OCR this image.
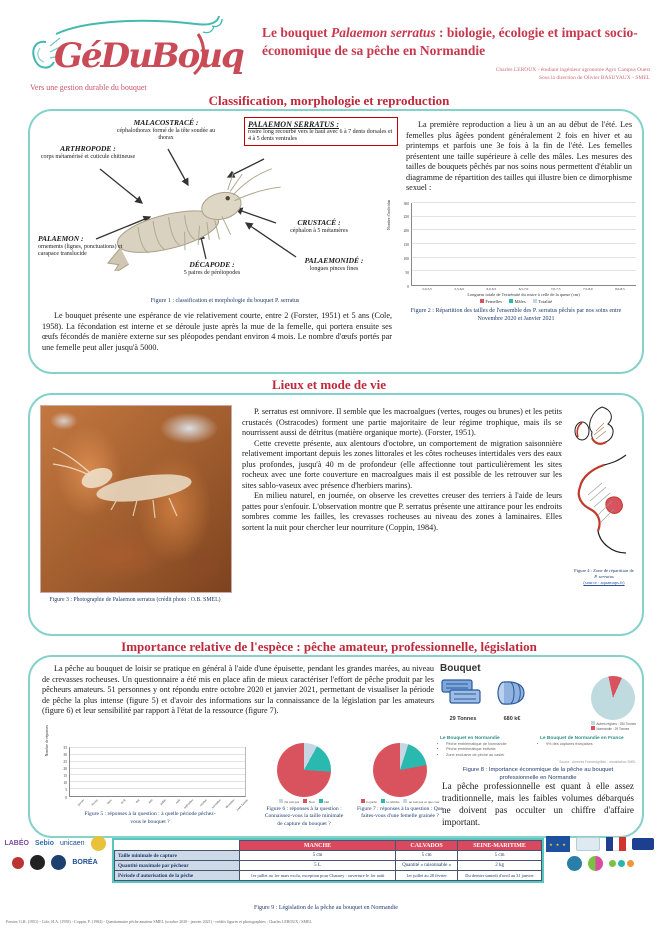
GéDuBouq
Vers une gestion durable du bouquet
Le bouquet Palaemon serratus : biologie, écologie et impact socio-économique de sa pêche en Normandie
Charles LEROUX - étudiant ingénieur agronome Agro Campus Ouest
Sous la direction de Olivier BASUYAUX - SMEL
Classification, morphologie et reproduction
MALACOSTRACÉ :
céphalothorax formé de la tête soudée au thorax
PALAEMON SERRATUS :
rostre long recourbé vers le haut avec 6 à 7 dents dorsales et 4 à 5 dents ventrales
ARTHROPODE :
corps métamérisé et cuticule chitineuse
CRUSTACÉ :
céphalon à 5 métamères
PALAEMONIDÉ :
longues pinces fines
DÉCAPODE :
5 paires de péréiopodes
PALAEMON :
ornements (lignes, ponctuations) et carapace translucide
Figure 1 : classification et morphologie du bouquet P. serratus
Le bouquet présente une espérance de vie relativement courte, entre 2 (Forster, 1951) et 5 ans (Cole, 1958). La fécondation est interne et se déroule juste après la mue de la femelle, qui portera ensuite ses œufs fécondés de manière externe sur ses pléopodes pendant environ 4 mois. Le nombre d'œufs portés par une femelle peut aller jusqu'à 5000.
La première reproduction a lieu à un an au début de l'été. Les femelles plus âgées pondent généralement 2 fois en hiver et au printemps et parfois une 3e fois à la fin de l'été. Les femelles présentent une taille supérieure à celle des mâles. Les mesures des tailles de bouquets pêchés par nos soins nous permettent d'établir un diagramme de répartition des tailles qui illustre bien ce dimorphisme sexuel :
Nombre d'individus
0
50
100
150
200
250
300
5,0-5,5	5,5-6,0	6,0-6,5	6,5-7,0	7,0-7,5	7,5-8,0	8,0-8,5
Longueur totale de l'extrémité du rostre à celle de la queue (cm)
Femelles	Mâles	Totalité
Figure 2 : Répartition des tailles de l'ensemble des P. serratus pêchés par nos soins entre
Novembre 2020 et Janvier 2021
Lieux et mode de vie
Figure 3 : Photographie de Palaemon serratus (crédit photo : O.B. SMEL)

P. serratus est omnivore. Il semble que les macroalgues (vertes, rouges ou brunes) et les petits crustacés (Ostracodes) forment une partie majoritaire de leur régime trophique, mais ils se nourrissent aussi de détritus (matière organique morte). (Forster, 1951).

Cette crevette présente, aux alentours d'octobre, un comportement de migration saisonnière relativement important depuis les zones littorales et les côtes rocheuses intertidales vers des eaux plus profondes, jusqu'à 40 m de profondeur (elle affectionne tout particulièrement les sites rocheux avec une forte couverture en macroalgues mais il est possible de les retrouver sur les sites sablo-vaseux avec présence d'herbiers marins).

En milieu naturel, en journée, on observe les crevettes creuser des terriers à l'aide de leurs pattes pour s'enfouir. L'observation montre que P. serratus présente une attirance pour les endroits sombres comme les failles, les crevasses rocheuses au niveau des zones à laminaires. Elles sortent la nuit pour chercher leur nourriture (Coppin, 1984).

Figure 4 : Zone de répartition de
P. serratus
(source : aquamaps.fr)
Importance relative de l'espèce : pêche amateur, professionnelle, législation
La pêche au bouquet de loisir se pratique en général à l'aide d'une épuisette, pendant les grandes marées, au niveau de crevasses rocheuses. Un questionnaire a été mis en place afin de mieux caractériser l'effort de pêche produit par les pêcheurs amateurs. 51 personnes y ont répondu entre octobre 2020 et janvier 2021, permettant de visualiser la période de pêche la plus intense (figure 5) et d'avoir des informations sur la connaissance de la législation par les amateurs (figure 6) et leur sensibilité par rapport à l'état de la ressource (figure 7).
Nombre de réponses
0
5
10
15
20
25
30
35
janvier février mars avril	mai juin juillet août septembre octobre novembre décembre toute l'année
Figure 5 : réponses à la question : à quelle période pêchez-
vous le bouquet ?
Ne sait pas	Non	Oui
Figure 6 : réponses à la question :
Connaissez-vous la taille minimale
de capture du bouquet ?
la garde	la relâche	ne sait pas ce que c'est
Figure 7 : réponses à la question : Que
faites-vous d'une femelle grainée ?
Bouquet
29 Tonnes	680 k€
Autres régions : 250 Tonnes
Normandie : 29 Tonnes
Le Bouquet en Normandie
• Pêche emblématique de Normandie
• Pêche emblématique estivale
• Zone exclusive de pêche au casier
Le Bouquet de Normandie en France
• 9% des captures françaises
Source : données FranceAgriMer - visualisation SMEL
Figure 8 : Importance économique de la pêche au bouquet
professionnelle en Normandie
La pêche professionnelle est quant à elle assez traditionnelle, mais les faibles volumes débarqués ne doivent pas occulter un chiffre d'affaire important.
LABÉO Sebio unicaen
BORÉA
	MANCHE	CALVADOS	SEINE-MARITIME
Taille minimale de capture	5 cm	5 cm	5 cm
Quantité maximale par pêcheur	5 L	Quantité « raisonnable »	2 kg
Période d'autorisation de la pêche	1er juillet au 1er mars exclu, exception pour Chausey : ouverture le 1er août	1er juillet au 28 février	Du dernier samedi d'avril au 31 janvier
Figure 9 : Législation de la pêche au bouquet en Normandie
★ ★ ★
Forster, G.R. (1951) - Cole, H.A. (1958) - Coppin, F. (1984) - Questionnaire pêche amateur SMEL (octobre 2020 - janvier 2021) - crédits figures et photographies : Charles LEROUX / SMEL
